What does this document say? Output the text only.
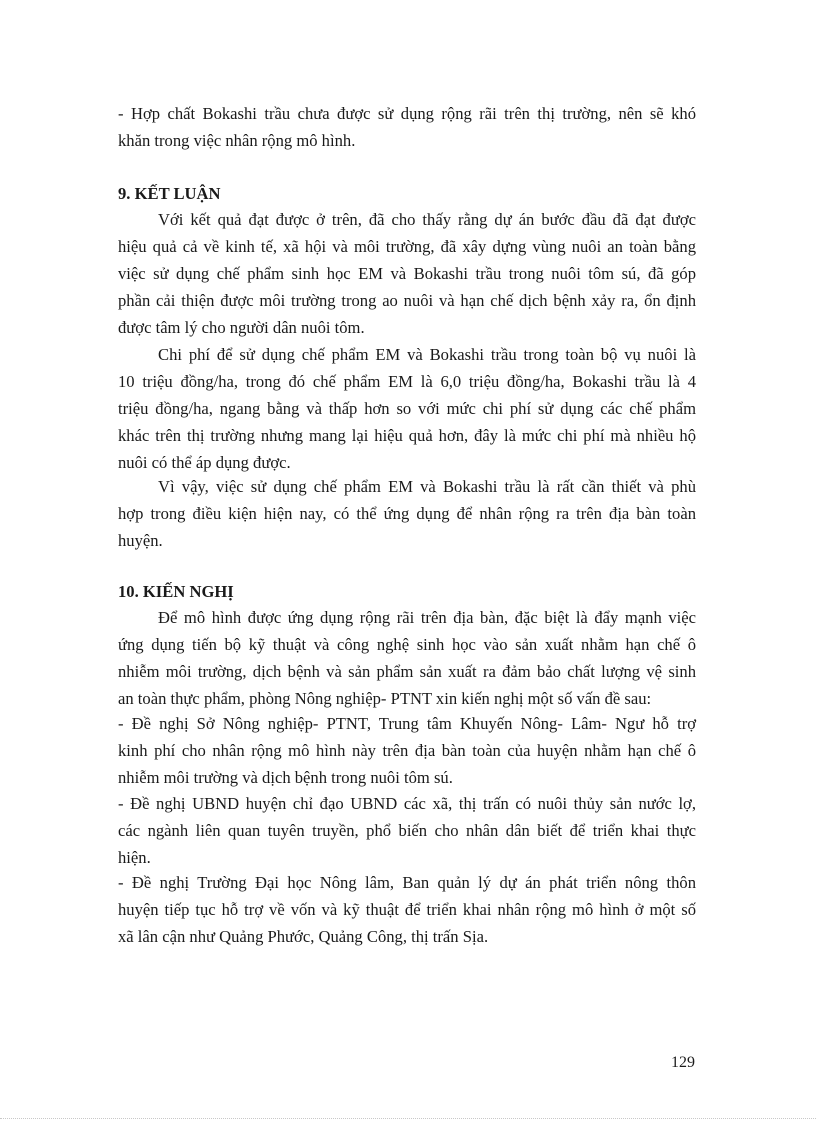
- Hợp chất Bokashi trầu chưa được sử dụng rộng rãi trên thị trường, nên sẽ khó
khăn trong việc nhân rộng mô hình.
9. KẾT LUẬN
Với kết quả đạt được ở trên, đã cho thấy rằng dự án bước đầu đã đạt được
hiệu quả cả về kinh tế, xã hội và môi trường, đã xây dựng vùng nuôi an toàn bằng
việc sử dụng chế phẩm sinh học EM và Bokashi trầu trong nuôi tôm sú, đã góp
phần cải thiện được môi trường trong ao nuôi và hạn chế dịch bệnh xảy ra, ổn định
được tâm lý cho người dân nuôi tôm.
Chi phí để sử dụng chế phẩm EM và Bokashi trầu trong toàn bộ vụ nuôi là
10 triệu đồng/ha, trong đó chế phẩm EM là 6,0 triệu đồng/ha, Bokashi trầu là 4
triệu đồng/ha, ngang bằng và thấp hơn so với mức chi phí sử dụng các chế phẩm
khác trên thị trường nhưng mang lại hiệu quả hơn, đây là mức chi phí mà nhiều hộ
nuôi có thể áp dụng được.
Vì vậy, việc sử dụng chế phẩm EM và Bokashi trầu là rất cần thiết và phù
hợp trong điều kiện hiện nay, có thể ứng dụng để nhân rộng ra trên địa bàn toàn
huyện.
10. KIẾN NGHỊ
Để mô hình được ứng dụng rộng rãi trên địa bàn, đặc biệt là đẩy mạnh việc
ứng dụng tiến bộ kỹ thuật và công nghệ sinh học vào sản xuất nhằm hạn chế ô
nhiễm môi trường, dịch bệnh và sản phẩm sản xuất ra đảm bảo chất lượng vệ sinh
an toàn thực phẩm, phòng Nông nghiệp- PTNT xin kiến nghị một số vấn đề sau:
- Đề nghị Sở Nông nghiệp- PTNT, Trung tâm Khuyến Nông- Lâm- Ngư hỗ trợ
kinh phí cho nhân rộng mô hình này trên địa bàn toàn của huyện nhằm hạn chế ô
nhiễm môi trường và dịch bệnh trong nuôi tôm sú.
- Đề nghị UBND huyện chỉ đạo UBND các xã, thị trấn có nuôi thủy sản nước lợ,
các ngành liên quan tuyên truyền, phổ biến cho nhân dân biết để triển khai thực
hiện.
- Đề nghị Trường Đại học Nông lâm, Ban quản lý dự án phát triển nông thôn
huyện tiếp tục hỗ trợ về vốn và kỹ thuật để triển khai nhân rộng mô hình ở một số
xã lân cận như Quảng Phước, Quảng Công, thị trấn Sịa.
129
